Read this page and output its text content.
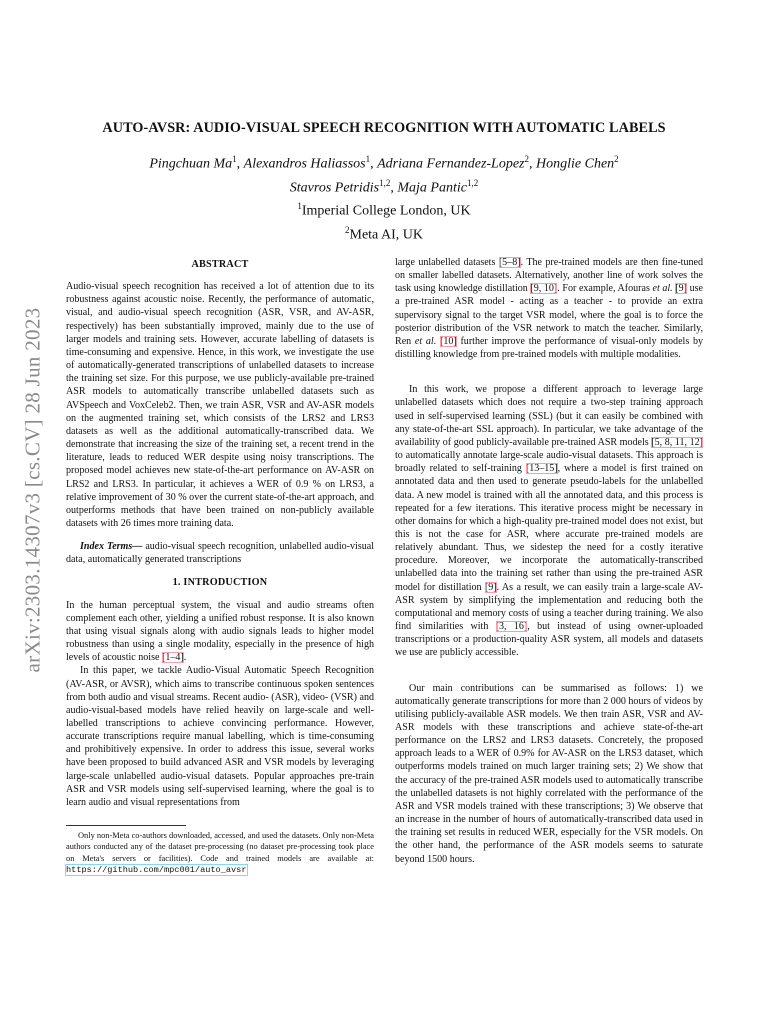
arXiv:2303.14307v3 [cs.CV] 28 Jun 2023
AUTO-AVSR: AUDIO-VISUAL SPEECH RECOGNITION WITH AUTOMATIC LABELS
Pingchuan Ma$^1$, Alexandros Haliassos$^1$, Adriana Fernandez-Lopez$^2$, Honglie Chen$^2$
Stavros Petridis$^{1,2}$, Maja Pantic$^{1,2}$
$^1$Imperial College London, UK
$^2$Meta AI, UK
ABSTRACT

Audio-visual speech recognition has received a lot of attention due to its robustness against acoustic noise. Recently, the performance of automatic, visual, and audio-visual speech recognition (ASR, VSR, and AV-ASR, respectively) has been substantially improved, mainly due to the use of larger models and training sets. However, accurate labelling of datasets is time-consuming and expensive. Hence, in this work, we investigate the use of automatically-generated transcriptions of unlabelled datasets to increase the training set size. For this purpose, we use publicly-available pre-trained ASR models to automatically transcribe unlabelled datasets such as AVSpeech and VoxCeleb2. Then, we train ASR, VSR and AV-ASR models on the augmented training set, which consists of the LRS2 and LRS3 datasets as well as the additional automatically-transcribed data. We demonstrate that increasing the size of the training set, a recent trend in the literature, leads to reduced WER despite using noisy transcriptions. The proposed model achieves new state-of-the-art performance on AV-ASR on LRS2 and LRS3. In particular, it achieves a WER of 0.9 % on LRS3, a relative improvement of 30 % over the current state-of-the-art approach, and outperforms methods that have been trained on non-publicly available datasets with 26 times more training data.

Index Terms— audio-visual speech recognition, unlabelled audio-visual data, automatically generated transcriptions

1. INTRODUCTION

In the human perceptual system, the visual and audio streams often complement each other, yielding a unified robust response. It is also known that using visual signals along with audio signals leads to higher model robustness than using a single modality, especially in the presence of high levels of acoustic noise [1–4].

In this paper, we tackle Audio-Visual Automatic Speech Recognition (AV-ASR, or AVSR), which aims to transcribe continuous spoken sentences from both audio and visual streams. Recent audio- (ASR), video- (VSR) and audio-visual-based models have relied heavily on large-scale and well-labelled transcriptions to achieve convincing performance. However, accurate transcriptions require manual labelling, which is time-consuming and prohibitively expensive. In order to address this issue, several works have been proposed to build advanced ASR and VSR models by leveraging large-scale unlabelled audio-visual datasets. Popular approaches pre-train ASR and VSR models using self-supervised learning, where the goal is to learn audio and visual representations from

Only non-Meta co-authors downloaded, accessed, and used the datasets. Only non-Meta authors conducted any of the dataset pre-processing (no dataset pre-processing took place on Meta's servers or facilities). Code and trained models are available at: https://github.com/mpc001/auto_avsr.

large unlabelled datasets [5–8]. The pre-trained models are then fine-tuned on smaller labelled datasets. Alternatively, another line of work solves the task using knowledge distillation [9, 10]. For example, Afouras et al. [9] use a pre-trained ASR model - acting as a teacher - to provide an extra supervisory signal to the target VSR model, where the goal is to force the posterior distribution of the VSR network to match the teacher. Similarly, Ren et al. [10] further improve the performance of visual-only models by distilling knowledge from pre-trained models with multiple modalities.

In this work, we propose a different approach to leverage large unlabelled datasets which does not require a two-step training approach used in self-supervised learning (SSL) (but it can easily be combined with any state-of-the-art SSL approach). In particular, we take advantage of the availability of good publicly-available pre-trained ASR models [5, 8, 11, 12] to automatically annotate large-scale audio-visual datasets. This approach is broadly related to self-training [13–15], where a model is first trained on annotated data and then used to generate pseudo-labels for the unlabelled data. A new model is trained with all the annotated data, and this process is repeated for a few iterations. This iterative process might be necessary in other domains for which a high-quality pre-trained model does not exist, but this is not the case for ASR, where accurate pre-trained models are relatively abundant. Thus, we sidestep the need for a costly iterative procedure. Moreover, we incorporate the automatically-transcribed unlabelled data into the training set rather than using the pre-trained ASR model for distillation [9]. As a result, we can easily train a large-scale AV-ASR system by simplifying the implementation and reducing both the computational and memory costs of using a teacher during training. We also find similarities with [3, 16], but instead of using owner-uploaded transcriptions or a production-quality ASR system, all models and datasets we use are publicly accessible.

Our main contributions can be summarised as follows: 1) we automatically generate transcriptions for more than 2 000 hours of videos by utilising publicly-available ASR models. We then train ASR, VSR and AV-ASR models with these transcriptions and achieve state-of-the-art performance on the LRS2 and LRS3 datasets. Concretely, the proposed approach leads to a WER of 0.9% for AV-ASR on the LRS3 dataset, which outperforms models trained on much larger training sets; 2) We show that the accuracy of the pre-trained ASR models used to automatically transcribe the unlabelled datasets is not highly correlated with the performance of the ASR and VSR models trained with these transcriptions; 3) We observe that an increase in the number of hours of automatically-transcribed data used in the training set results in reduced WER, especially for the VSR models. On the other hand, the performance of the ASR models seems to saturate beyond 1500 hours.
